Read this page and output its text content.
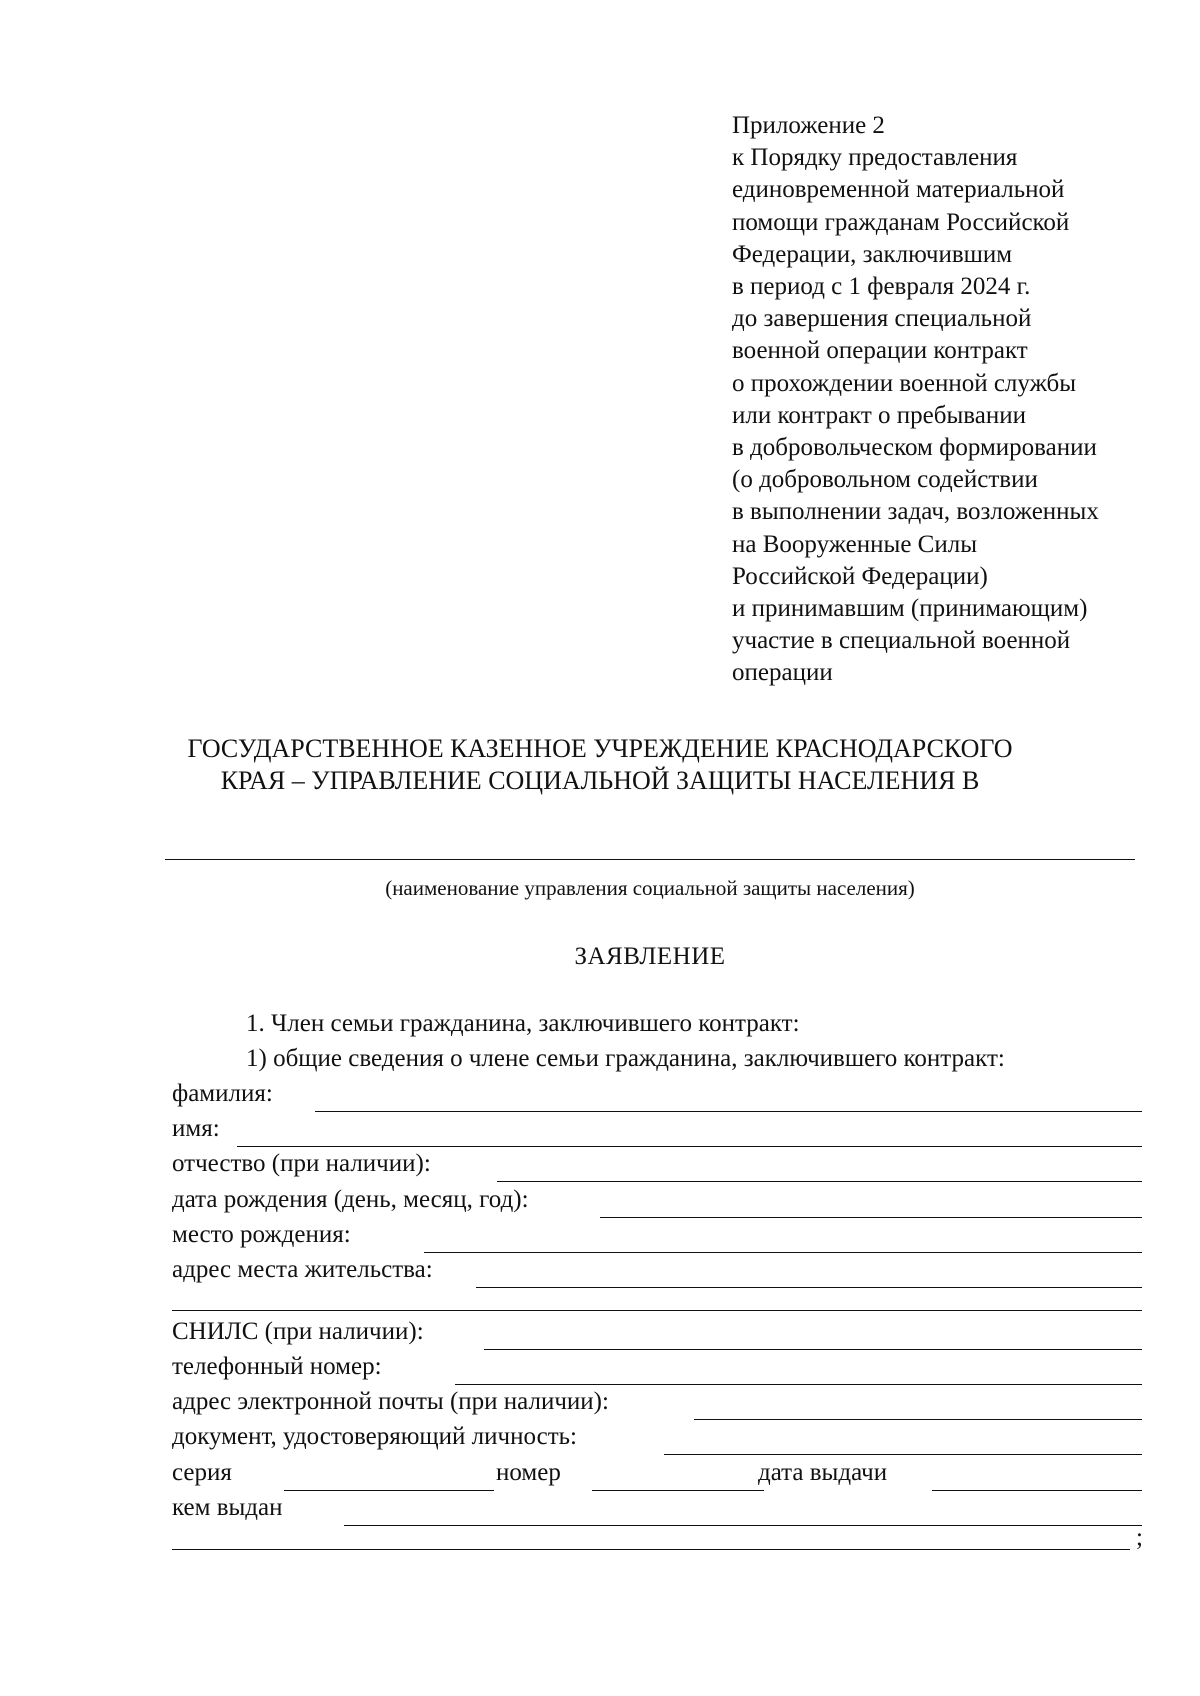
Приложение 2
к Порядку предоставления
единовременной материальной
помощи гражданам Российской
Федерации, заключившим
в период с 1 февраля 2024 г.
до завершения специальной
военной операции контракт
о прохождении военной службы
или контракт о пребывании
в добровольческом формировании
(о добровольном содействии
в выполнении задач, возложенных
на Вооруженные Силы
Российской Федерации)
и принимавшим (принимающим)
участие в специальной военной
операции
ГОСУДАРСТВЕННОЕ КАЗЕННОЕ УЧРЕЖДЕНИЕ КРАСНОДАРСКОГО
КРАЯ – УПРАВЛЕНИЕ СОЦИАЛЬНОЙ ЗАЩИТЫ НАСЕЛЕНИЯ В
(наименование управления социальной защиты населения)
ЗАЯВЛЕНИЕ
1. Член семьи гражданина, заключившего контракт:
1) общие сведения о члене семьи гражданина, заключившего контракт:
фамилия:
имя:
отчество (при наличии):
дата рождения (день, месяц, год):
место рождения:
адрес места жительства:
СНИЛС (при наличии):
телефонный номер:
адрес электронной почты (при наличии):
документ, удостоверяющий личность:
серия	номер	дата выдачи
кем выдан
;
